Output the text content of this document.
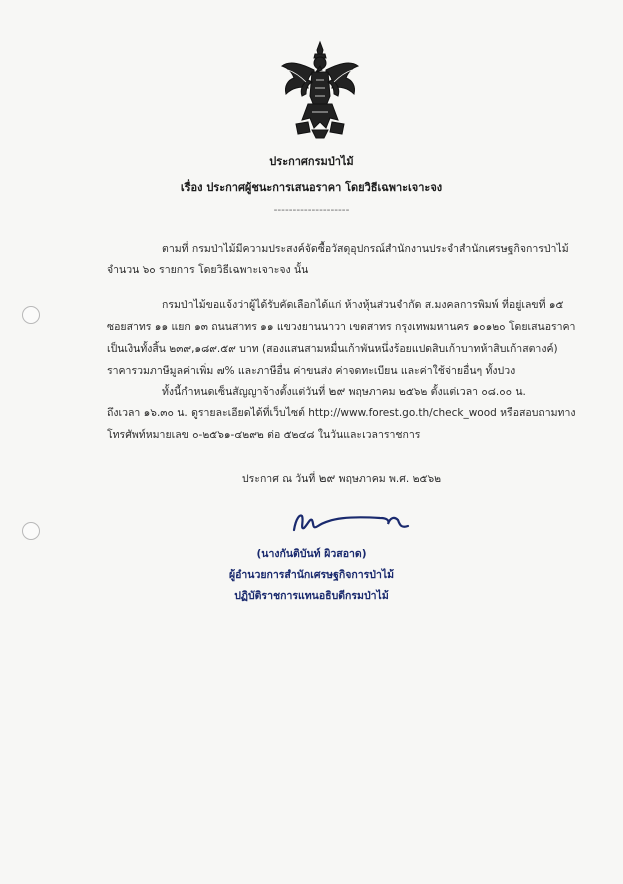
ประกาศกรมป่าไม้
เรื่อง ประกาศผู้ชนะการเสนอราคา โดยวิธีเฉพาะเจาะจง
--------------------
ตามที่ กรมป่าไม้มีความประสงค์จัดซื้อวัสดุอุปกรณ์สำนักงานประจำสำนักเศรษฐกิจการป่าไม้
จำนวน ๖๐ รายการ โดยวิธีเฉพาะเจาะจง นั้น
กรมป่าไม้ขอแจ้งว่าผู้ได้รับคัดเลือกได้แก่ ห้างหุ้นส่วนจำกัด ส.มงคลการพิมพ์ ที่อยู่เลขที่ ๑๕
ซอยสาทร ๑๑ แยก ๑๓ ถนนสาทร ๑๑ แขวงยานนาวา เขตสาทร กรุงเทพมหานคร ๑๐๑๒๐ โดยเสนอราคา
เป็นเงินทั้งสิ้น ๒๓๙,๑๘๙.๕๙ บาท (สองแสนสามหมื่นเก้าพันหนึ่งร้อยแปดสิบเก้าบาทห้าสิบเก้าสตางค์)
ราคารวมภาษีมูลค่าเพิ่ม ๗% และภาษีอื่น ค่าขนส่ง ค่าจดทะเบียน และค่าใช้จ่ายอื่นๆ ทั้งปวง
ทั้งนี้กำหนดเซ็นสัญญาจ้างตั้งแต่วันที่ ๒๙ พฤษภาคม ๒๕๖๒ ตั้งแต่เวลา ๐๘.๐๐ น.
ถึงเวลา ๑๖.๓๐ น. ดูรายละเอียดได้ที่เว็บไซต์ http://www.forest.go.th/check_wood หรือสอบถามทาง
โทรศัพท์หมายเลข ๐-๒๕๖๑-๔๒๙๒ ต่อ ๕๒๔๘ ในวันและเวลาราชการ
ประกาศ ณ วันที่ ๒๙ พฤษภาคม พ.ศ. ๒๕๖๒
(นางกันติบันท์ ผิวสอาด)
ผู้อำนวยการสำนักเศรษฐกิจการป่าไม้
ปฏิบัติราชการแทนอธิบดีกรมป่าไม้
